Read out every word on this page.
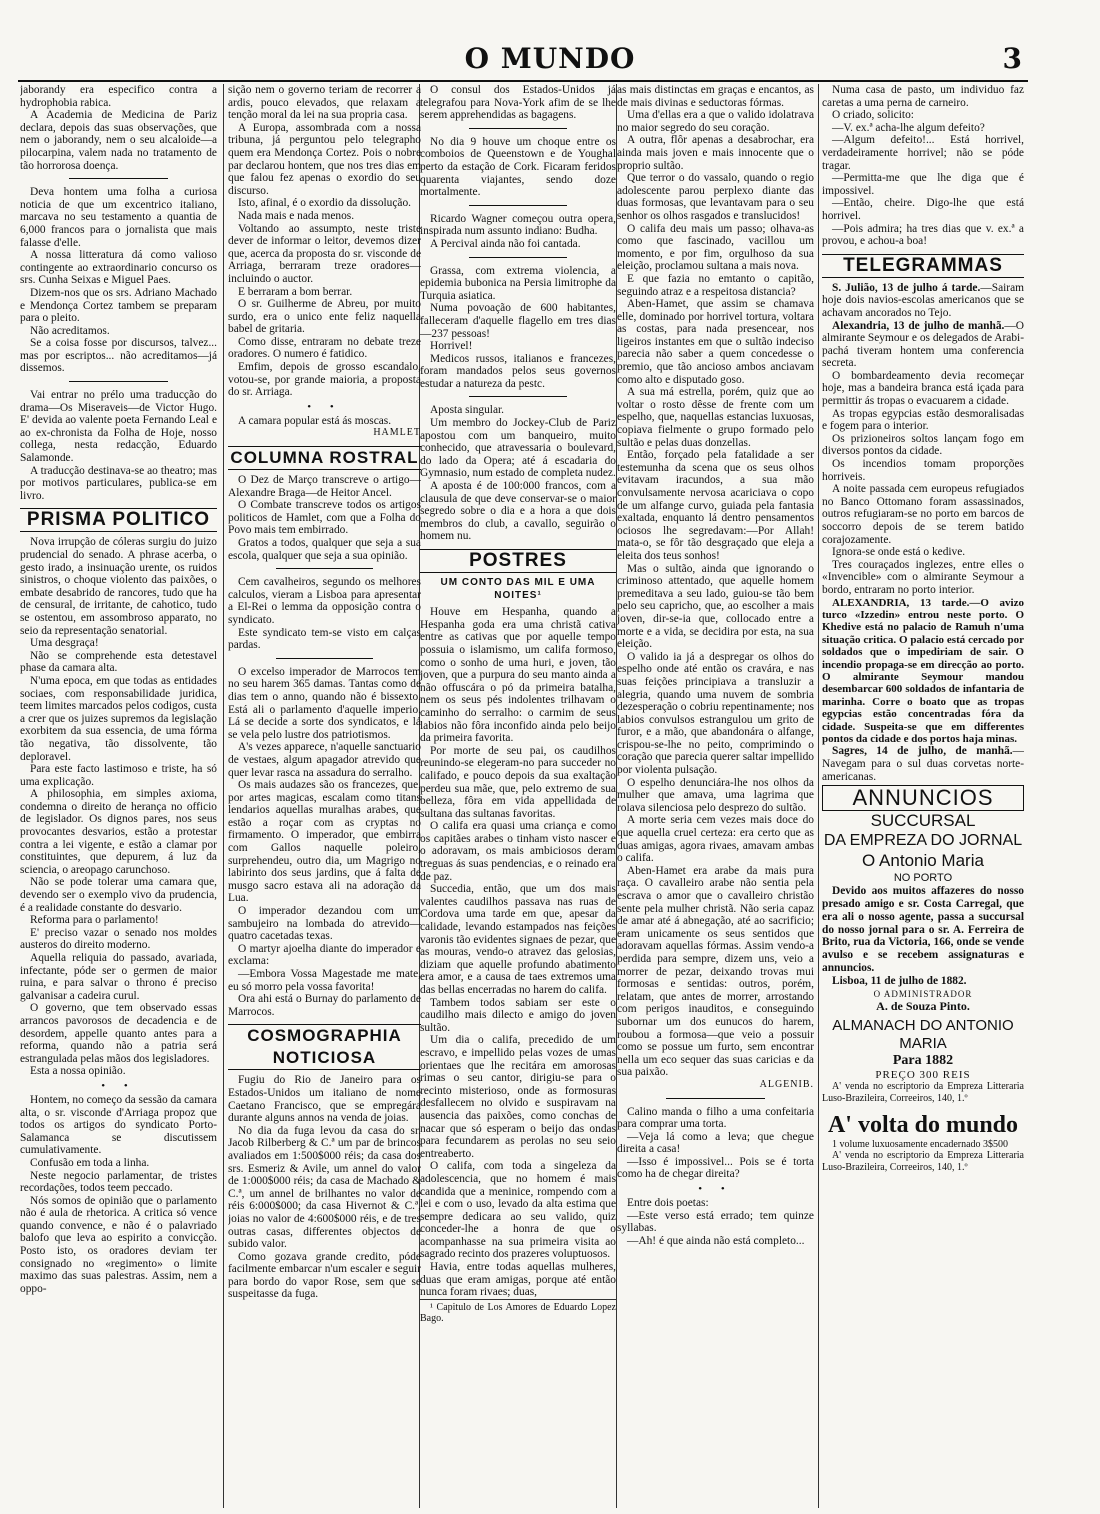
O MUNDO	3

jaborandy era especifico contra a hydrophobia rabica.

A Academia de Medicina de Pariz declara, depois das suas observações, que nem o jaborandy, nem o seu alcaloide—a pilocarpina, valem nada no tratamento de tão horrorosa doença.

Deva hontem uma folha a curiosa noticia de que um excentrico italiano, marcava no seu testamento a quantia de 6,000 francos para o jornalista que mais falasse d'elle.

A nossa litteratura dá como valioso contingente ao extraordinario concurso os srs. Cunha Seixas e Miguel Paes.

Dizem-nos que os srs. Adriano Machado e Mendonça Cortez tambem se preparam para o pleito.

Não acreditamos.

Se a coisa fosse por discursos, talvez... mas por escriptos... não acreditamos—já dissemos.

Vai entrar no prélo uma traducção do drama—Os Miseraveis—de Victor Hugo. E' devida ao valente poeta Fernando Leal e ao ex-chronista da Folha de Hoje, nosso collega, nesta redacção, Eduardo Salamonde.

A traducção destinava-se ao theatro; mas por motivos particulares, publica-se em livro.

PRISMA POLITICO

Nova irrupção de cóleras surgiu do juizo prudencial do senado. A phrase acerba, o gesto irado, a insinuação urente, os ruidos sinistros, o choque violento das paixões, o embate desabrido de rancores, tudo que ha de censural, de irritante, de cahotico, tudo se ostentou, em assombroso apparato, no seio da representação senatorial.

Uma desgraça!

Não se comprehende esta detestavel phase da camara alta.

N'uma epoca, em que todas as entidades sociaes, com responsabilidade juridica, teem limites marcados pelos codigos, custa a crer que os juizes supremos da legislação exorbitem da sua essencia, de uma fórma tão negativa, tão dissolvente, tão deploravel.

Para este facto lastimoso e triste, ha só uma explicação.

A philosophia, em simples axioma, condemna o direito de herança no officio de legislador. Os dignos pares, nos seus provocantes desvarios, estão a protestar contra a lei vigente, e estão a clamar por constituintes, que depurem, á luz da sciencia, o areopago carunchoso.

Não se pode tolerar uma camara que, devendo ser o exemplo vivo da prudencia, é a realidade constante do desvario.

Reforma para o parlamento!

E' preciso vazar o senado nos moldes austeros do direito moderno.

Aquella reliquia do passado, avariada, infectante, póde ser o germen de maior ruina, e para salvar o throno é preciso galvanisar a cadeira curul.

O governo, que tem observado essas arrancos pavorosos de decadencia e de desordem, appelle quanto antes para a reforma, quando não a patria será estrangulada pelas mãos dos legisladores.

Esta a nossa opinião.

• •

Hontem, no começo da sessão da camara alta, o sr. visconde d'Arriaga propoz que todos os artigos do syndicato Porto-Salamanca se discutissem cumulativamente.

Confusão em toda a linha.

Neste negocio parlamentar, de tristes recordações, todos teem peccado.

Nós somos de opinião que o parlamento não é aula de rhetorica. A critica só vence quando convence, e não é o palavriado balofo que leva ao espirito a convicção. Posto isto, os oradores deviam ter consignado no «regimento» o limite maximo das suas palestras. Assim, nem a oppo-

sição nem o governo teriam de recorrer a ardis, pouco elevados, que relaxam a tenção moral da lei na sua propria casa.

A Europa, assombrada com a nossa tribuna, já perguntou pelo telegrapho quem era Mendonça Cortez. Pois o nobre par declarou hontem, que nos tres dias em que falou fez apenas o exordio do seu discurso.

Isto, afinal, é o exordio da dissolução.

Nada mais e nada menos.

Voltando ao assumpto, neste triste dever de informar o leitor, devemos dizer que, acerca da proposta do sr. visconde de Arriaga, berraram treze oradores—incluindo o auctor.

E berraram a bom berrar.

O sr. Guilherme de Abreu, por muito surdo, era o unico ente feliz naquella babel de gritaria.

Como disse, entraram no debate treze oradores. O numero é fatidico.

Emfim, depois de grosso escandalo, votou-se, por grande maioria, a proposta do sr. Arriaga.

• •

A camara popular está ás moscas.

HAMLET
COLUMNA ROSTRAL

O Dez de Março transcreve o artigo—Alexandre Braga—de Heitor Ancel.

O Combate transcreve todos os artigos politicos de Hamlet, com que a Folha do Povo mais tem embirrado.

Gratos a todos, qualquer que seja a sua escola, qualquer que seja a sua opinião.

Cem cavalheiros, segundo os melhores calculos, vieram a Lisboa para apresentar a El-Rei o lemma da opposição contra o syndicato.

Este syndicato tem-se visto em calças pardas.

O excelso imperador de Marrocos tem no seu harem 365 damas. Tantas como de dias tem o anno, quando não é bissexto. Está ali o parlamento d'aquelle imperio. Lá se decide a sorte dos syndicatos, e lá se vela pelo lustre dos patriotismos.

A's vezes apparece, n'aquelle sanctuario de vestaes, algum apagador atrevido que quer levar rasca na assadura do serralho.

Os mais audazes são os francezes, que, por artes magicas, escalam como titans lendarios aquellas muralhas arabes, que estão a roçar com as cryptas no firmamento. O imperador, que embirra com Gallos naquelle poleiro, surprehendeu, outro dia, um Magrigo no labirinto dos seus jardins, que á falta de musgo sacro estava ali na adoração da Lua.

O imperador dezandou com um sambujeiro na lombada do atrevido—quatro cacetadas texas.

O martyr ajoelha diante do imperador e exclama:

—Embora Vossa Magestade me mate, eu só morro pela vossa favorita!

Ora ahi está o Burnay do parlamento de Marrocos.

COSMOGRAPHIA NOTICIOSA

Fugiu do Rio de Janeiro para os Estados-Unidos um italiano de nome Caetano Francisco, que se empregára durante alguns annos na venda de joias.

No dia da fuga levou da casa do sr. Jacob Rilberberg & C.ª um par de brincos avaliados em 1:500$000 réis; da casa dos srs. Esmeriz & Avile, um annel do valor de 1:000$000 réis; da casa de Machado & C.ª, um annel de brilhantes no valor de réis 6:000$000; da casa Hivernot & C.ª, joias no valor de 4:600$000 réis, e de tres outras casas, differentes objectos de subido valor.

Como gozava grande credito, póde facilmente embarcar n'um escaler e seguir para bordo do vapor Rose, sem que se suspeitasse da fuga.

O consul dos Estados-Unidos já telegrafou para Nova-York afim de se lhe serem apprehendidas as bagagens.

No dia 9 houve um choque entre os comboios de Queenstown e de Youghal perto da estação de Cork. Ficaram feridos quarenta viajantes, sendo doze mortalmente.

Ricardo Wagner começou outra opera, inspirada num assunto indiano: Budha.

A Percival ainda não foi cantada.

Grassa, com extrema violencia, a epidemia bubonica na Persia limitrophe da Turquia asiatica.

Numa povoação de 600 habitantes, falleceram d'aquelle flagello em tres dias—237 pessoas!

Horrivel!

Medicos russos, italianos e francezes, foram mandados pelos seus governos estudar a natureza da pestc.

Aposta singular.

Um membro do Jockey-Club de Pariz apostou com um banqueiro, muito conhecido, que atravessaria o boulevard, do lado da Opera; até á escadaria do Gymnasio, num estado de completa nudez.

A aposta é de 100:000 francos, com a clausula de que deve conservar-se o maior segredo sobre o dia e a hora a que dois membros do club, a cavallo, seguirão o homem nu.

POSTRES
UM CONTO DAS MIL E UMA NOITES¹

Houve em Hespanha, quando a Hespanha goda era uma christã cativa entre as cativas que por aquelle tempo possuia o islamismo, um califa formoso, como o sonho de uma huri, e joven, tão joven, que a purpura do seu manto ainda a não offuscára o pó da primeira batalha, nem os seus pés indolentes trilhavam o caminho do serralho: o carmim de seus labios não fôra inconfido ainda pelo beijo da primeira favorita.

Por morte de seu pai, os caudilhos reunindo-se elegeram-no para succeder no califado, e pouco depois da sua exaltação perdeu sua mãe, que, pelo extremo de sua belleza, fôra em vida appellidada de sultana das sultanas favoritas.

O califa era quasi uma criança e como os capitães arabes o tinham visto nascer e o adoravam, os mais ambiciosos deram treguas ás suas pendencias, e o reinado era de paz.

Succedia, então, que um dos mais valentes caudilhos passava nas ruas de Cordova uma tarde em que, apesar da calidade, levando estampados nas feições varonis tão evidentes signaes de pezar, que as mouras, vendo-o atravez das gelosias, diziam que aquelle profundo abatimento era amor, e a causa de taes extremos uma das bellas encerradas no harem do califa.

Tambem todos sabiam ser este o caudilho mais dilecto e amigo do joven sultão.

Um dia o califa, precedido de um escravo, e impellido pelas vozes de umas orientaes que lhe recitára em amorosas rimas o seu cantor, dirigiu-se para o recinto misterioso, onde as formosuras desfallecem no olvido e suspiravam na ausencia das paixões, como conchas de nacar que só esperam o beijo das ondas para fecundarem as perolas no seu seio entreaberto.

O califa, com toda a singeleza da adolescencia, que no homem é mais candida que a meninice, rompendo com a lei e com o uso, levado da alta estima que sempre dedicara ao seu valido, quiz conceder-lhe a honra de que o acompanhasse na sua primeira visita ao sagrado recinto dos prazeres voluptuosos.

Havia, entre todas aquellas mulheres, duas que eram amigas, porque até então nunca foram rivaes; duas,

¹ Capitulo de Los Amores de Eduardo Lopez Bago.

as mais distinctas em graças e encantos, as de mais divinas e seductoras fórmas.

Uma d'ellas era a que o valido idolatrava no maior segredo do seu coração.

A outra, flôr apenas a desabrochar, era ainda mais joven e mais innocente que o proprio sultão.

Que terror o do vassalo, quando o regio adolescente parou perplexo diante das duas formosas, que levantavam para o seu senhor os olhos rasgados e translucidos!

O califa deu mais um passo; olhava-as como que fascinado, vacillou um momento, e por fim, orgulhoso da sua eleição, proclamou sultana a mais nova.

E que fazia no emtanto o capitão, seguindo atraz e a respeitosa distancia?

Aben-Hamet, que assim se chamava elle, dominado por horrivel tortura, voltara as costas, para nada presencear, nos ligeiros instantes em que o sultão indeciso parecia não saber a quem concedesse o premio, que tão ancioso ambos anciavam como alto e disputado goso.

A sua má estrella, porém, quiz que ao voltar o rosto dêsse de frente com um espelho, que, naquellas estancias luxuosas, copiava fielmente o grupo formado pelo sultão e pelas duas donzellas.

Então, forçado pela fatalidade a ser testemunha da scena que os seus olhos evitavam iracundos, a sua mão convulsamente nervosa acariciava o copo de um alfange curvo, guiada pela fantasia exaltada, enquanto lá dentro pensamentos ociosos lhe segredavam:—Por Allah! mata-o, se fôr tão desgraçado que eleja a eleita dos teus sonhos!

Mas o sultão, ainda que ignorando o criminoso attentado, que aquelle homem premeditava a seu lado, guiou-se tão bem pelo seu capricho, que, ao escolher a mais joven, dir-se-ia que, collocado entre a morte e a vida, se decidira por esta, na sua eleição.

O valido ia já a despregar os olhos do espelho onde até então os cravára, e nas suas feições principiava a transluzir a alegria, quando uma nuvem de sombria dezesperação o cobriu repentinamente; nos labios convulsos estrangulou um grito de furor, e a mão, que abandonára o alfange, crispou-se-lhe no peito, comprimindo o coração que parecia querer saltar impellido por violenta pulsação.

O espelho denunciára-lhe nos olhos da mulher que amava, uma lagrima que rolava silenciosa pelo desprezo do sultão.

A morte seria cem vezes mais doce do que aquella cruel certeza: era certo que as duas amigas, agora rivaes, amavam ambas o califa.

Aben-Hamet era arabe da mais pura raça. O cavalleiro arabe não sentia pela escrava o amor que o cavalleiro christão sente pela mulher christã. Não seria capaz de amar até á abnegação, até ao sacrificio; eram unicamente os seus sentidos que adoravam aquellas fórmas. Assim vendo-a perdida para sempre, dizem uns, veio a morrer de pezar, deixando trovas mui formosas e sentidas: outros, porém, relatam, que antes de morrer, arrostando com perigos inauditos, e conseguindo subornar um dos eunucos do harem, roubou a formosa—que veio a possuir como se possue um furto, sem encontrar nella um eco sequer das suas caricias e da sua paixão.

ALGENIB.

Calino manda o filho a uma confeitaria para comprar uma torta.

—Veja lá como a leva; que chegue direita a casa!

—Isso é impossivel... Pois se é torta como ha de chegar direita?

• •

Entre dois poetas:

—Este verso está errado; tem quinze syllabas.

—Ah! é que ainda não está completo...

Numa casa de pasto, um individuo faz caretas a uma perna de carneiro.

O criado, solicito:

—V. ex.ª acha-lhe algum defeito?

—Algum defeito!... Está horrivel, verdadeiramente horrivel; não se póde tragar.

—Permitta-me que lhe diga que é impossivel.

—Então, cheire. Digo-lhe que está horrivel.

—Pois admira; ha tres dias que v. ex.ª a provou, e achou-a boa!

TELEGRAMMAS

S. Julião, 13 de julho á tarde.—Sairam hoje dois navios-escolas americanos que se achavam ancorados no Tejo.

Alexandria, 13 de julho de manhã.—O almirante Seymour e os delegados de Arabi-pachá tiveram hontem uma conferencia secreta.

O bombardeamento devia recomeçar hoje, mas a bandeira branca está içada para permittir ás tropas o evacuarem a cidade.

As tropas egypcias estão desmoralisadas e fogem para o interior.

Os prizioneiros soltos lançam fogo em diversos pontos da cidade.

Os incendios tomam proporções horriveis.

A noite passada cem europeus refugiados no Banco Ottomano foram assassinados, outros refugiaram-se no porto em barcos de soccorro depois de se terem batido corajozamente.

Ignora-se onde está o kedive.

Tres couraçados inglezes, entre elles o «Invencible» com o almirante Seymour a bordo, entraram no porto interior.

ALEXANDRIA, 13 tarde.—O avizo turco «Izzedin» entrou neste porto. O Khedive está no palacio de Ramuh n'uma situação critica. O palacio está cercado por soldados que o impediriam de sair. O incendio propaga-se em direcção ao porto. O almirante Seymour mandou desembarcar 600 soldados de infantaria de marinha. Corre o boato que as tropas egypcias estão concentradas fóra da cidade. Suspeita-se que em differentes pontos da cidade e dos portos haja minas.

Sagres, 14 de julho, de manhã.—Navegam para o sul duas corvetas norte-americanas.

ANNUNCIOS
SUCCURSAL
DA EMPREZA DO JORNAL
O Antonio Maria
NO PORTO

Devido aos muitos affazeres do nosso presado amigo e sr. Costa Carregal, que era ali o nosso agente, passa a succursal do nosso jornal para o sr. A. Ferreira de Brito, rua da Victoria, 166, onde se vende avulso e se recebem assignaturas e annuncios.

Lisboa, 11 de julho de 1882.

O ADMINISTRADOR
A. de Souza Pinto.
ALMANACH DO ANTONIO MARIA
Para 1882
PREÇO 300 REIS

A' venda no escriptorio da Empreza Litteraria Luso-Brazileira, Correeiros, 140, 1.º

A' volta do mundo

1 volume luxuosamente encadernado 3$500

A' venda no escriptorio da Empreza Litteraria Luso-Brazileira, Correeiros, 140, 1.º
